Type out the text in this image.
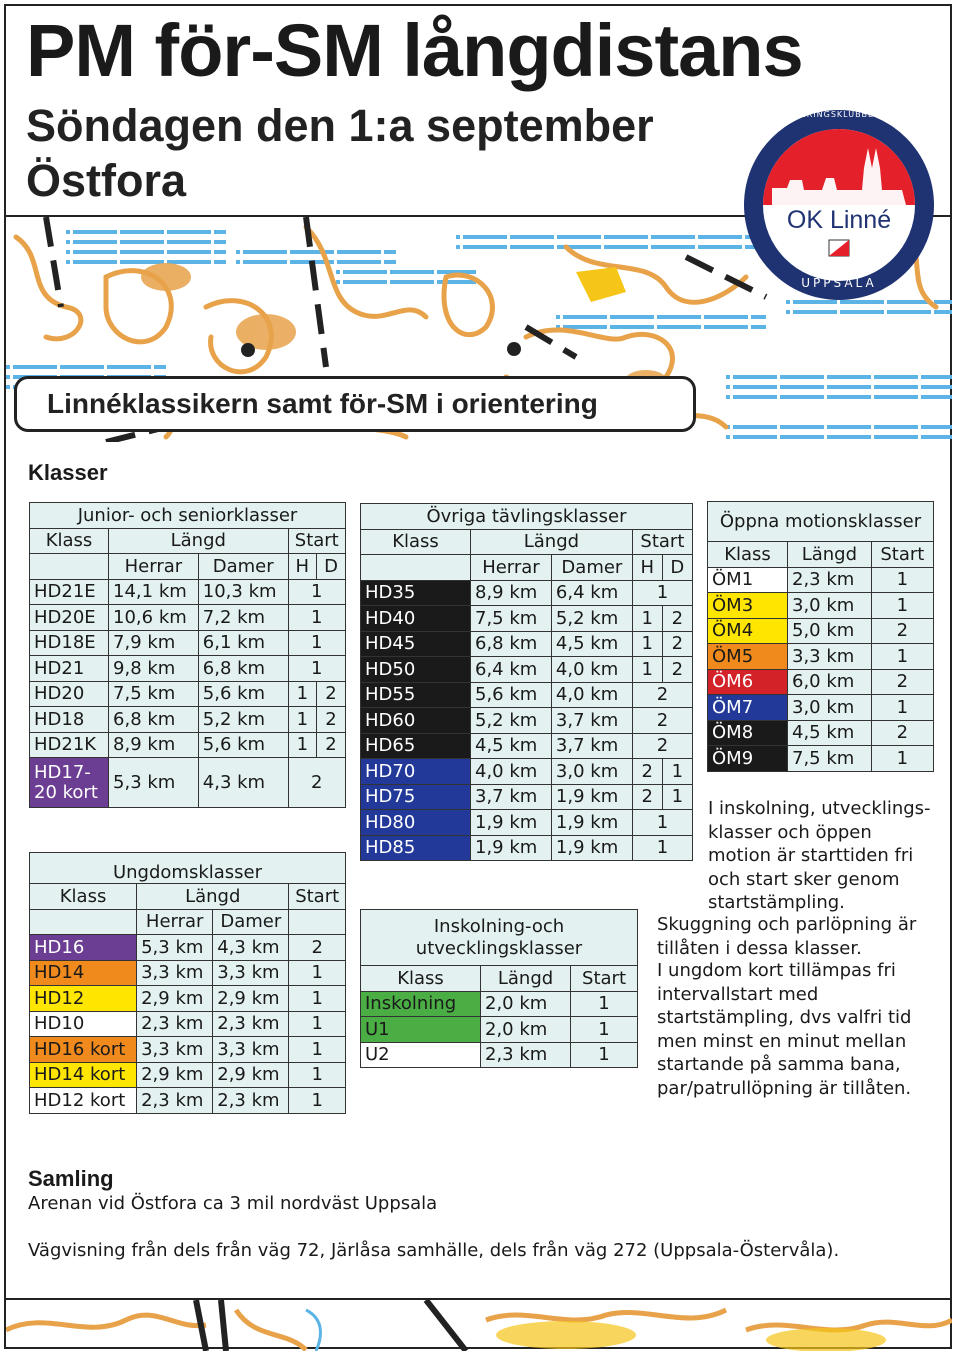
PM för-SM långdistans
Söndagen den 1:a september
Östfora
OK Linné
ORIENTERINGSKLUBBEN LINNÉ
UPPSALA
Linnéklassikern samt för-SM i orientering
Klasser
Junior- och seniorklasser				
Klass	Längd		Start	
	Herrar	Damer	H	D
HD21E	14,1 km	10,3 km	1	
HD20E	10,6 km	7,2 km	1	
HD18E	7,9 km	6,1 km	1	
HD21	9,8 km	6,8 km	1	
HD20	7,5 km	5,6 km	1	2
HD18	6,8 km	5,2 km	1	2
HD21K	8,9 km	5,6 km	1	2
HD17-
20 kort	5,3 km	4,3 km	2	
Ungdomsklasser			
Klass	Längd		Start
	Herrar	Damer	
HD16	5,3 km	4,3 km	2
HD14	3,3 km	3,3 km	1
HD12	2,9 km	2,9 km	1
HD10	2,3 km	2,3 km	1
HD16 kort	3,3 km	3,3 km	1
HD14 kort	2,9 km	2,9 km	1
HD12 kort	2,3 km	2,3 km	1
Övriga tävlingsklasser				
Klass	Längd		Start	
	Herrar	Damer	H	D
HD35	8,9 km	6,4 km	1	
HD40	7,5 km	5,2 km	1	2
HD45	6,8 km	4,5 km	1	2
HD50	6,4 km	4,0 km	1	2
HD55	5,6 km	4,0 km	2	
HD60	5,2 km	3,7 km	2	
HD65	4,5 km	3,7 km	2	
HD70	4,0 km	3,0 km	2	1
HD75	3,7 km	1,9 km	2	1
HD80	1,9 km	1,9 km	1	
HD85	1,9 km	1,9 km	1	
Inskolning-och
utvecklingsklasser		
Klass	Längd	Start
Inskolning	2,0 km	1
U1	2,0 km	1
U2	2,3 km	1
Öppna motionsklasser		
Klass	Längd	Start
ÖM1	2,3 km	1
ÖM3	3,0 km	1
ÖM4	5,0 km	2
ÖM5	3,3 km	1
ÖM6	6,0 km	2
ÖM7	3,0 km	1
ÖM8	4,5 km	2
ÖM9	7,5 km	1
I inskolning, utvecklings-
klasser och öppen
motion är starttiden fri
och start sker genom
startstämpling.
Skuggning och parlöpning är
tillåten i dessa klasser.
I ungdom kort tillämpas fri
intervallstart med
startstämpling, dvs valfri tid
men minst en minut mellan
startande på samma bana,
par/patrullöpning är tillåten.
Samling
Arenan vid Östfora ca 3 mil nordväst Uppsala
Vägvisning från dels från väg 72, Järlåsa samhälle, dels från väg 272 (Uppsala-Östervåla).
